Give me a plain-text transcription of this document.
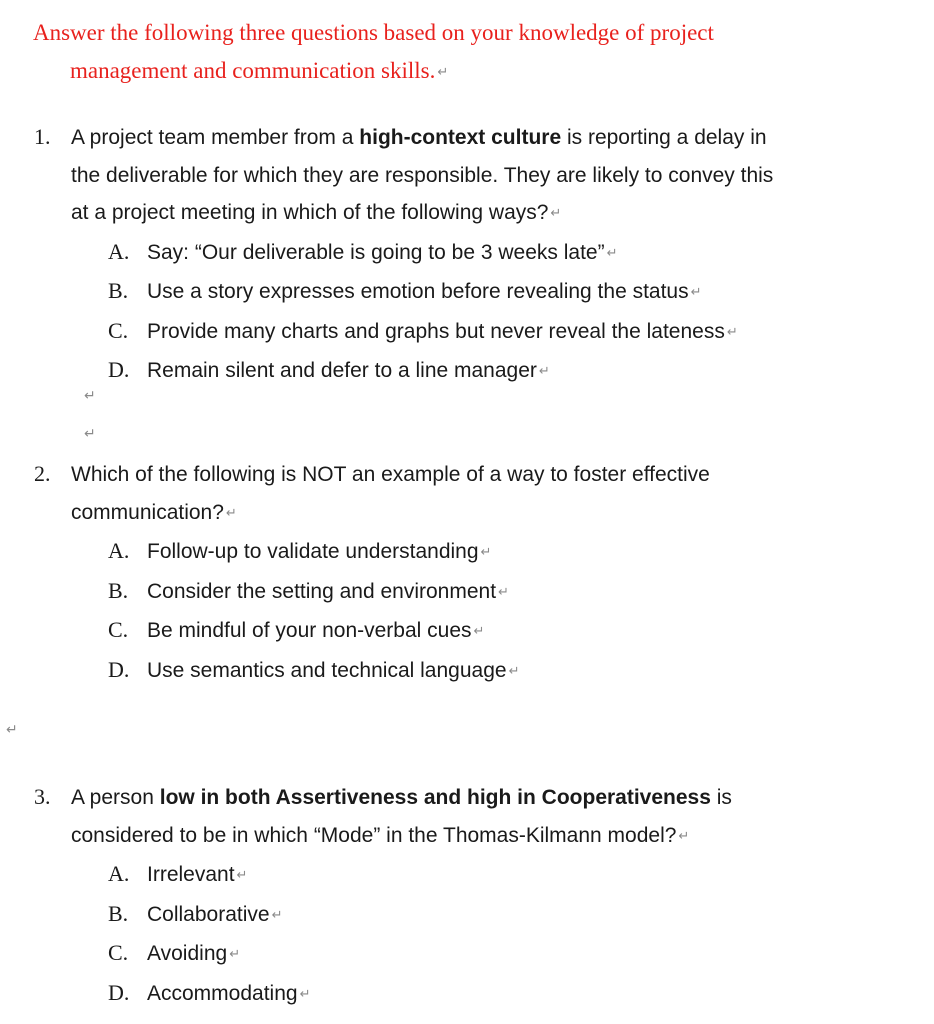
Answer the following three questions based on your knowledge of project
management and communication skills. ↵
1. A project team member from a high-context culture is reporting a delay in
the deliverable for which they are responsible. They are likely to convey this
at a project meeting in which of the following ways? ↵
A. Say: “Our deliverable is going to be 3 weeks late” ↵
B. Use a story expresses emotion before revealing the status ↵
C. Provide many charts and graphs but never reveal the lateness ↵
D. Remain silent and defer to a line manager ↵
↵
↵
2. Which of the following is NOT an example of a way to foster effective
communication? ↵
A. Follow-up to validate understanding ↵
B. Consider the setting and environment ↵
C. Be mindful of your non-verbal cues ↵
D. Use semantics and technical language ↵
↵
3. A person low in both Assertiveness and high in Cooperativeness is
considered to be in which “Mode” in the Thomas-Kilmann model? ↵
A. Irrelevant ↵
B. Collaborative ↵
C. Avoiding ↵
D. Accommodating ↵
